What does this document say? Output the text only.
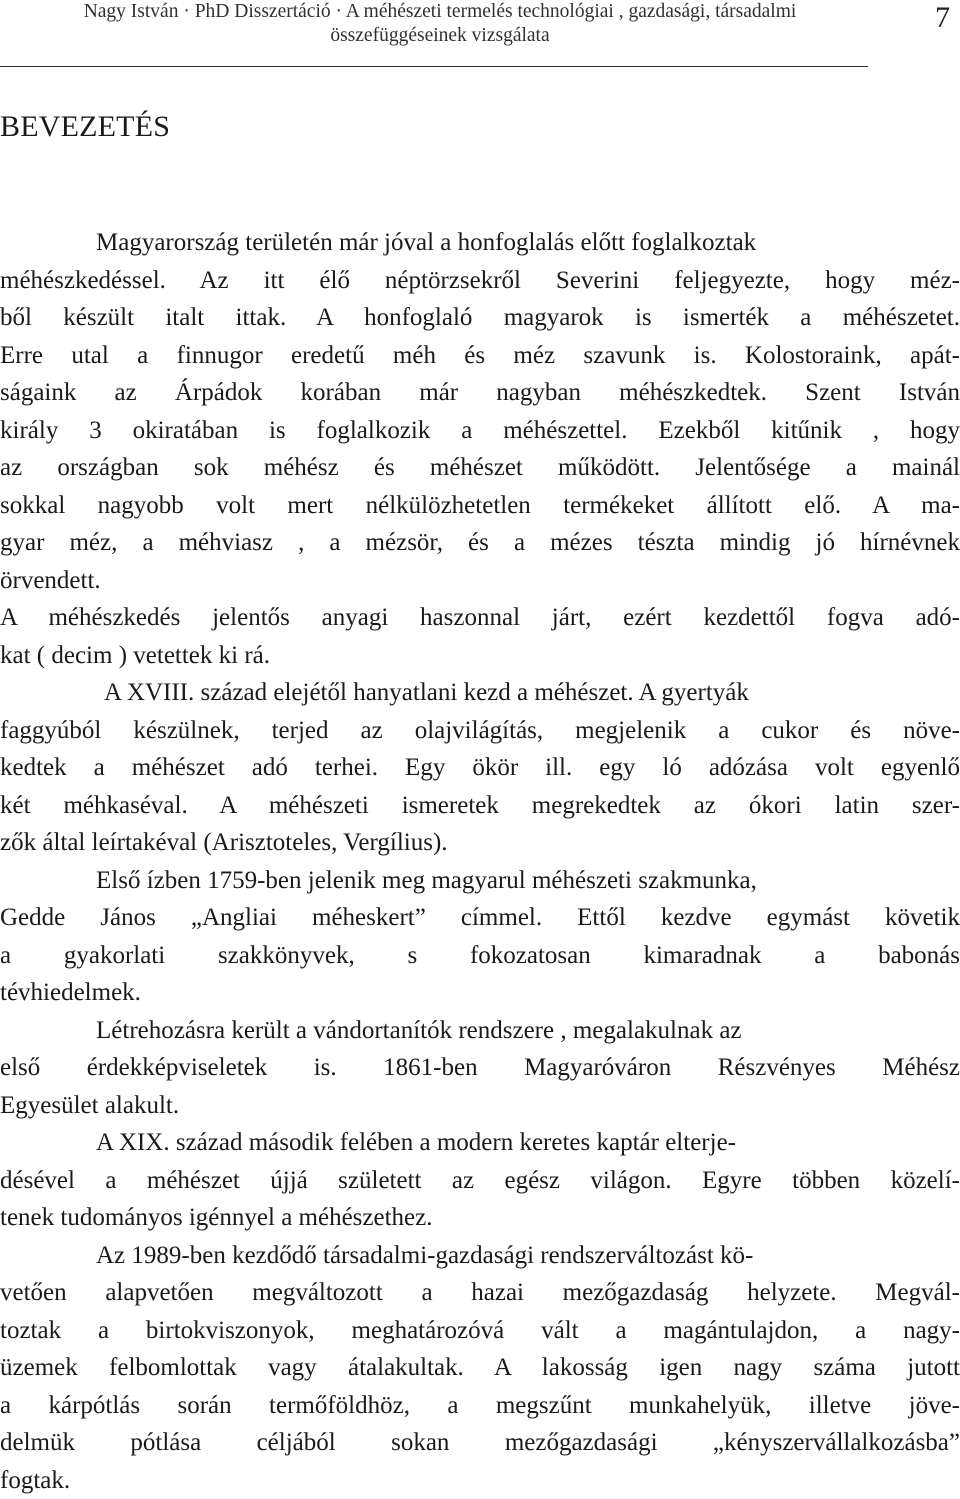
Nagy István · PhD Disszertáció · A méhészeti termelés technológiai , gazdasági, társadalmi
összefüggéseinek vizsgálata
7
BEVEZETÉS
Magyarország területén már jóval a honfoglalás előtt foglalkoztak
méhészkedéssel. Az itt élő néptörzsekről Severini feljegyezte, hogy méz-
ből készült italt ittak. A honfoglaló magyarok is ismerték a méhészetet.
Erre utal a finnugor eredetű méh és méz szavunk is. Kolostoraink, apát-
ságaink az Árpádok korában már nagyban méhészkedtek. Szent István
király 3 okiratában is foglalkozik a méhészettel. Ezekből kitűnik , hogy
az országban sok méhész és méhészet működött. Jelentősége a mainál
sokkal nagyobb volt mert nélkülözhetetlen termékeket állított elő. A ma-
gyar méz, a méhviasz , a mézsör, és a mézes tészta mindig jó hírnévnek
örvendett.
A méhészkedés jelentős anyagi haszonnal járt, ezért kezdettől fogva adó-
kat ( decim ) vetettek ki rá.
A XVIII. század elejétől hanyatlani kezd a méhészet. A gyertyák
faggyúból készülnek, terjed az olajvilágítás, megjelenik a cukor és növe-
kedtek a méhészet adó terhei. Egy ökör ill. egy ló adózása volt egyenlő
két méhkaséval. A méhészeti ismeretek megrekedtek az ókori latin szer-
zők által leírtakéval (Arisztoteles, Vergílius).
Első ízben 1759-ben jelenik meg magyarul méhészeti szakmunka,
Gedde János „Angliai méheskert” címmel. Ettől kezdve egymást követik
a gyakorlati szakkönyvek, s fokozatosan kimaradnak a babonás
tévhiedelmek.
Létrehozásra került a vándortanítók rendszere , megalakulnak az
első érdekképviseletek is. 1861-ben Magyaróváron Részvényes Méhész
Egyesület alakult.
A XIX. század második felében a modern keretes kaptár elterje-
désével a méhészet újjá született az egész világon. Egyre többen közelí-
tenek tudományos igénnyel a méhészethez.
Az 1989-ben kezdődő társadalmi-gazdasági rendszerváltozást kö-
vetően alapvetően megváltozott a hazai mezőgazdaság helyzete. Megvál-
toztak a birtokviszonyok, meghatározóvá vált a magántulajdon, a nagy-
üzemek felbomlottak vagy átalakultak. A lakosság igen nagy száma jutott
a kárpótlás során termőföldhöz, a megszűnt munkahelyük, illetve jöve-
delmük pótlása céljából sokan mezőgazdasági „kényszervállalkozásba”
fogtak.
